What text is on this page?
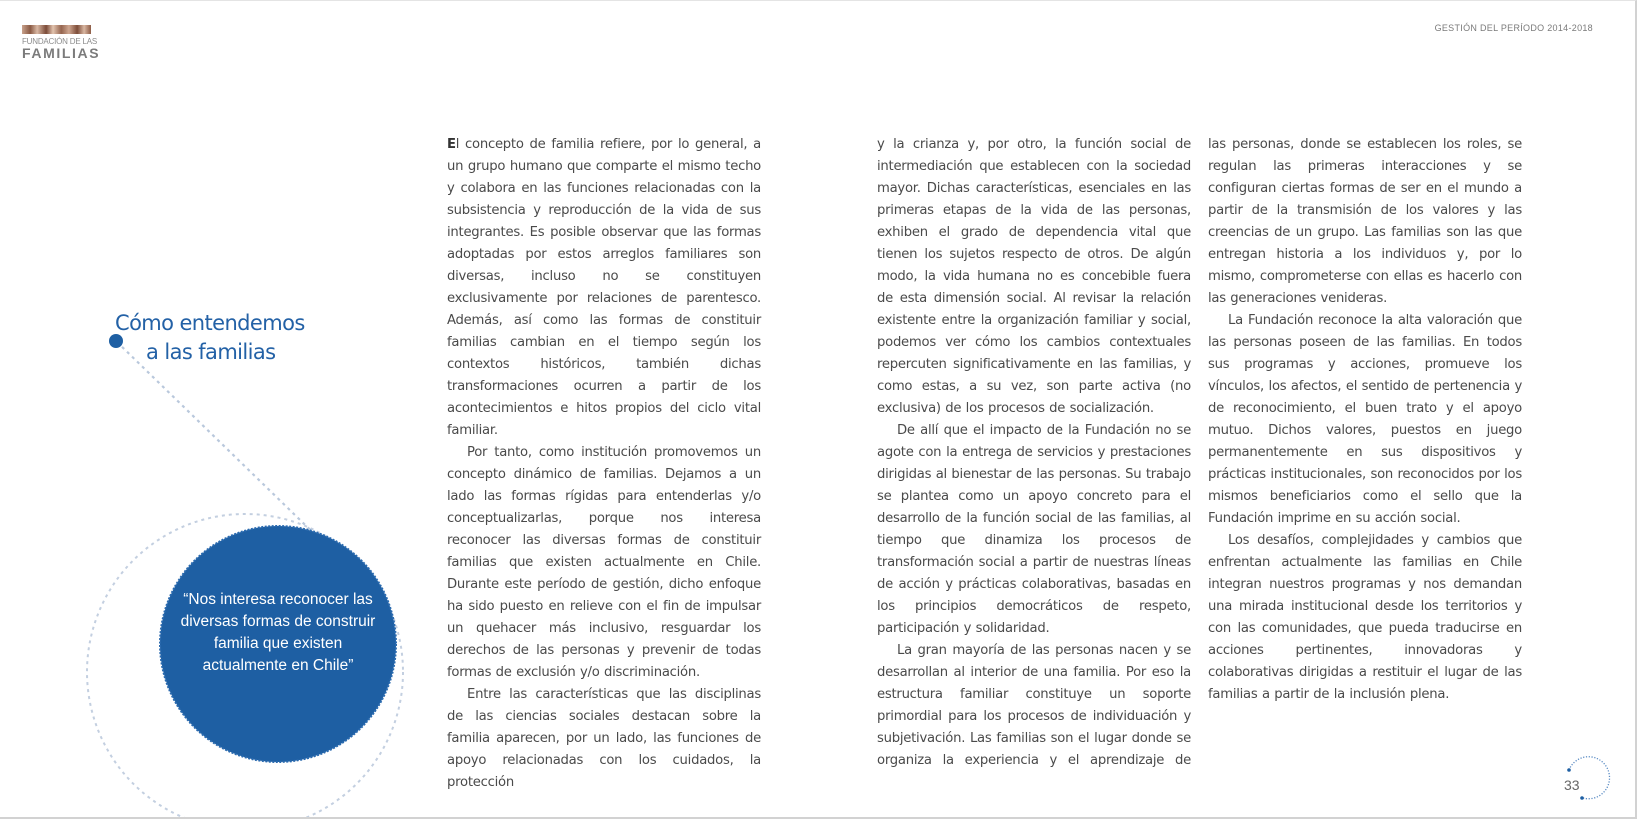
FUNDACIÓN DE LAS
FAMILIAS
GESTIÓN DEL PERÍODO 2014-2018
Cómo entendemos
a las familias
“Nos interesa reconocer las diversas formas de construir familia que existen actualmente en Chile”

El concepto de familia refiere, por lo general, a un grupo humano que comparte el mismo techo y colabora en las funciones relacionadas con la subsistencia y reproducción de la vida de sus integrantes. Es posible observar que las formas adoptadas por estos arreglos familiares son diversas, incluso no se constituyen exclusivamente por relaciones de parentesco. Además, así como las formas de constituir familias cambian en el tiempo según los contextos históricos, también dichas transformaciones ocurren a partir de los acontecimientos e hitos propios del ciclo vital familiar.

Por tanto, como institución promovemos un concepto dinámico de familias. Dejamos a un lado las formas rígidas para entenderlas y/o conceptualizarlas, porque nos interesa reconocer las diversas formas de constituir familias que existen actualmente en Chile. Durante este período de gestión, dicho enfoque ha sido puesto en relieve con el fin de impulsar un quehacer más inclusivo, resguardar los derechos de las personas y prevenir de todas formas de exclusión y/o discriminación.

Entre las características que las disciplinas de las ciencias sociales destacan sobre la familia aparecen, por un lado, las funciones de apoyo relacionadas con los cuidados, la protección

y la crianza y, por otro, la función social de intermediación que establecen con la sociedad mayor. Dichas características, esenciales en las primeras etapas de la vida de las personas, exhiben el grado de dependencia vital que tienen los sujetos respecto de otros. De algún modo, la vida humana no es concebible fuera de esta dimensión social. Al revisar la relación existente entre la organización familiar y social, podemos ver cómo los cambios contextuales repercuten significativamente en las familias, y como estas, a su vez, son parte activa (no exclusiva) de los procesos de socialización.

De allí que el impacto de la Fundación no se agote con la entrega de servicios y prestaciones dirigidas al bienestar de las personas. Su trabajo se plantea como un apoyo concreto para el desarrollo de la función social de las familias, al tiempo que dinamiza los procesos de transformación social a partir de nuestras líneas de acción y prácticas colaborativas, basadas en los principios democráticos de respeto, participación y solidaridad.

La gran mayoría de las personas nacen y se desarrollan al interior de una familia. Por eso la estructura familiar constituye un soporte primordial para los procesos de individuación y subjetivación. Las familias son el lugar donde se organiza la experiencia y el aprendizaje de

las personas, donde se establecen los roles, se regulan las primeras interacciones y se configuran ciertas formas de ser en el mundo a partir de la transmisión de los valores y las creencias de un grupo. Las familias son las que entregan historia a los individuos y, por lo mismo, comprometerse con ellas es hacerlo con las generaciones venideras.

La Fundación reconoce la alta valoración que las personas poseen de las familias. En todos sus programas y acciones, promueve los vínculos, los afectos, el sentido de pertenencia y de reconocimiento, el buen trato y el apoyo mutuo. Dichos valores, puestos en juego permanentemente en sus dispositivos y prácticas institucionales, son reconocidos por los mismos beneficiarios como el sello que la Fundación imprime en su acción social.

Los desafíos, complejidades y cambios que enfrentan actualmente las familias en Chile integran nuestros programas y nos demandan una mirada institucional desde los territorios y con las comunidades, que pueda traducirse en acciones pertinentes, innovadoras y colaborativas dirigidas a restituir el lugar de las familias a partir de la inclusión plena.

33
